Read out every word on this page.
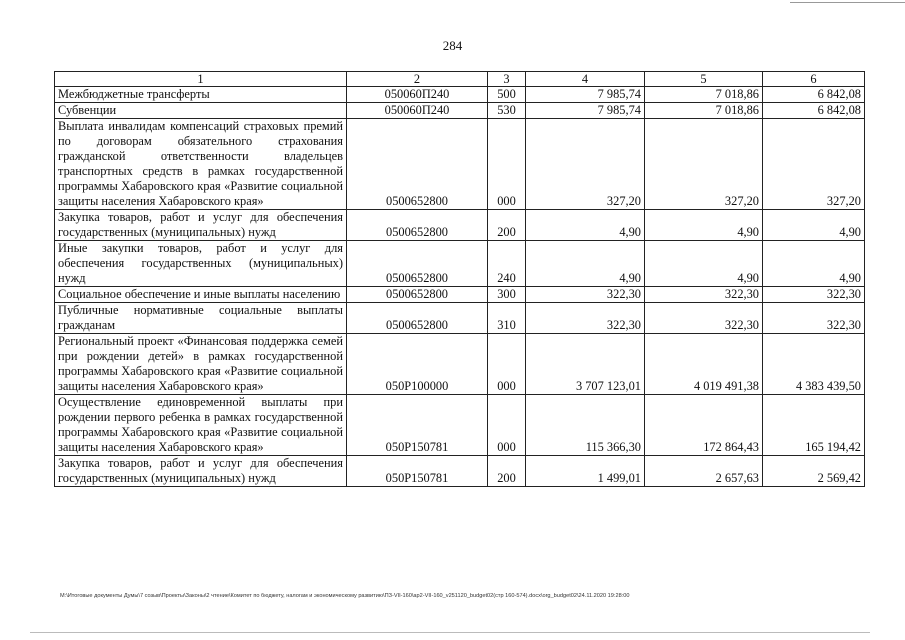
284
1	2	3	4	5	6
Межбюджетные трансферты	050060П240	500	7 985,74	7 018,86	6 842,08
Субвенции	050060П240	530	7 985,74	7 018,86	6 842,08
Выплата инвалидам компенсаций страховых премий по договорам обязательного страхования гражданской ответственности владельцев транспортных средств в рамках государственной программы Хабаровского края «Развитие социальной защиты населения Хабаровского края»	0500652800	000	327,20	327,20	327,20
Закупка товаров, работ и услуг для обеспечения государственных (муниципальных) нужд	0500652800	200	4,90	4,90	4,90
Иные закупки товаров, работ и услуг для обеспечения государственных (муниципальных) нужд	0500652800	240	4,90	4,90	4,90
Социальное обеспечение и иные выплаты населению	0500652800	300	322,30	322,30	322,30
Публичные нормативные социальные выплаты гражданам	0500652800	310	322,30	322,30	322,30
Региональный проект «Финансовая поддержка семей при рождении детей» в рамках государственной программы Хабаровского края «Развитие социальной защиты населения Хабаровского края»	050P100000	000	3 707 123,01	4 019 491,38	4 383 439,50
Осуществление единовременной выплаты при рождении первого ребенка в рамках государственной программы Хабаровского края «Развитие социальной защиты населения Хабаровского края»	050P150781	000	115 366,30	172 864,43	165 194,42
Закупка товаров, работ и услуг для обеспечения государственных (муниципальных) нужд	050P150781	200	1 499,01	2 657,63	2 569,42
M:\Итоговые документы Думы\7 созыв\Проекты\Законы\2 чтение\Комитет по бюджету, налогам и экономическому развитию\ПЗ-VII-160\ap2-VII-160_v251120_budget02(стр 160-574).docx\org_budget02\24.11.2020 19:28:00
